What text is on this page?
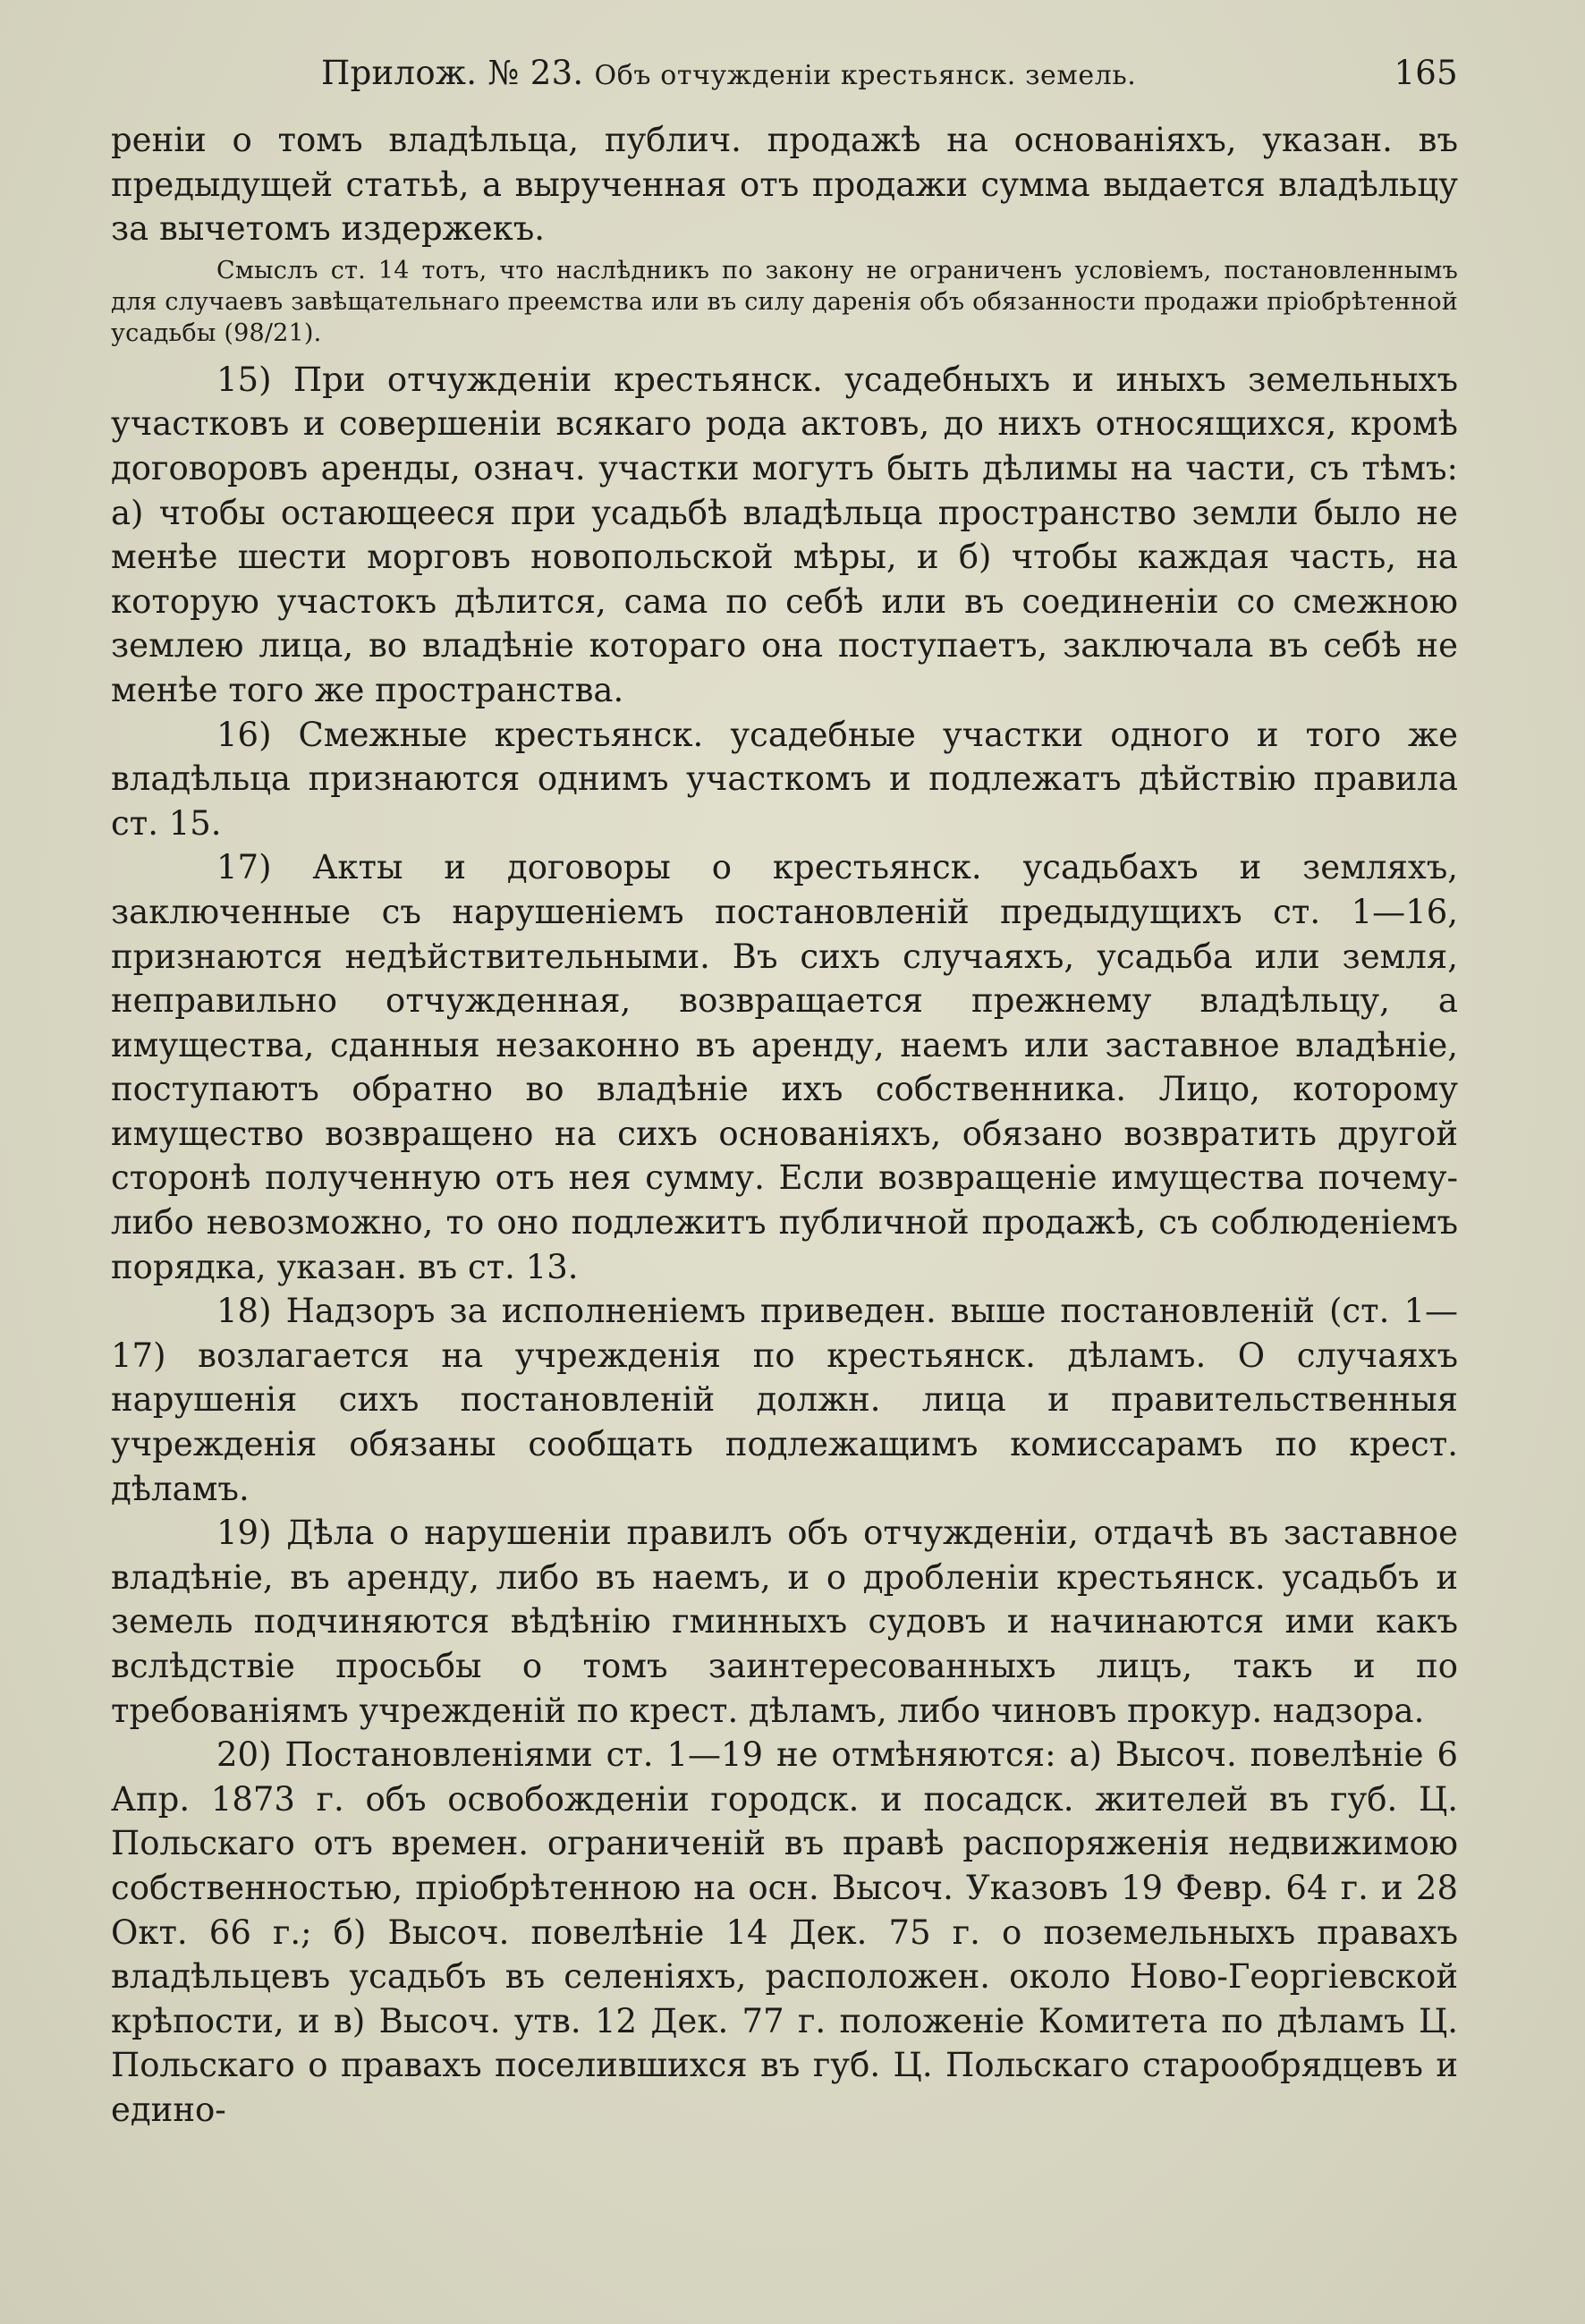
Прилож. № 23. Объ отчужденіи крестьянск. земель.	165

реніи о томъ владѣльца, публич. продажѣ на основаніяхъ, указан. въ предыдущей статьѣ, а вырученная отъ продажи сумма выдается владѣльцу за вычетомъ издержекъ.

Смыслъ ст. 14 тотъ, что наслѣдникъ по закону не ограниченъ условіемъ, постановленнымъ для случаевъ завѣщательнаго преемства или въ силу даренія объ обязанности продажи пріобрѣтенной усадьбы (98/21).

15) При отчужденіи крестьянск. усадебныхъ и иныхъ земельныхъ участковъ и совершеніи всякаго рода актовъ, до нихъ относящихся, кромѣ договоровъ аренды, означ. участки могутъ быть дѣлимы на части, съ тѣмъ: а) чтобы остающееся при усадьбѣ владѣльца пространство земли было не менѣе шести морговъ новопольской мѣры, и б) чтобы каждая часть, на которую участокъ дѣлится, сама по себѣ или въ соединеніи со смежною землею лица, во владѣніе котораго она поступаетъ, заключала въ себѣ не менѣе того же пространства.

16) Смежные крестьянск. усадебные участки одного и того же владѣльца признаются однимъ участкомъ и подлежатъ дѣйствію правила ст. 15.

17) Акты и договоры о крестьянск. усадьбахъ и земляхъ, заключенные съ нарушеніемъ постановленій предыдущихъ ст. 1—16, признаются недѣйствительными. Въ сихъ случаяхъ, усадьба или земля, неправильно отчужденная, возвращается прежнему владѣльцу, а имущества, сданныя незаконно въ аренду, наемъ или заставное владѣніе, поступаютъ обратно во владѣніе ихъ собственника. Лицо, которому имущество возвращено на сихъ основаніяхъ, обязано возвратить другой сторонѣ полученную отъ нея сумму. Если возвращеніе имущества почему-либо невозможно, то оно подлежитъ публичной продажѣ, съ соблюденіемъ порядка, указан. въ ст. 13.

18) Надзоръ за исполненіемъ приведен. выше постановленій (ст. 1—17) возлагается на учрежденія по крестьянск. дѣламъ. О случаяхъ нарушенія сихъ постановленій должн. лица и правительственныя учрежденія обязаны сообщать подлежащимъ комиссарамъ по крест. дѣламъ.

19) Дѣла о нарушеніи правилъ объ отчужденіи, отдачѣ въ заставное владѣніе, въ аренду, либо въ наемъ, и о дробленіи крестьянск. усадьбъ и земель подчиняются вѣдѣнію гминныхъ судовъ и начинаются ими какъ вслѣдствіе просьбы о томъ заинтересованныхъ лицъ, такъ и по требованіямъ учрежденій по крест. дѣламъ, либо чиновъ прокур. надзора.

20) Постановленіями ст. 1—19 не отмѣняются: а) Высоч. повелѣніе 6 Апр. 1873 г. объ освобожденіи городск. и посадск. жителей въ губ. Ц. Польскаго отъ времен. ограниченій въ правѣ распоряженія недвижимою собственностью, пріобрѣтенною на осн. Высоч. Указовъ 19 Февр. 64 г. и 28 Окт. 66 г.; б) Высоч. повелѣніе 14 Дек. 75 г. о поземельныхъ правахъ владѣльцевъ усадьбъ въ селеніяхъ, расположен. около Ново-Георгіевской крѣпости, и в) Высоч. утв. 12 Дек. 77 г. положеніе Комитета по дѣламъ Ц. Польскаго о правахъ поселившихся въ губ. Ц. Польскаго старообрядцевъ и едино-
